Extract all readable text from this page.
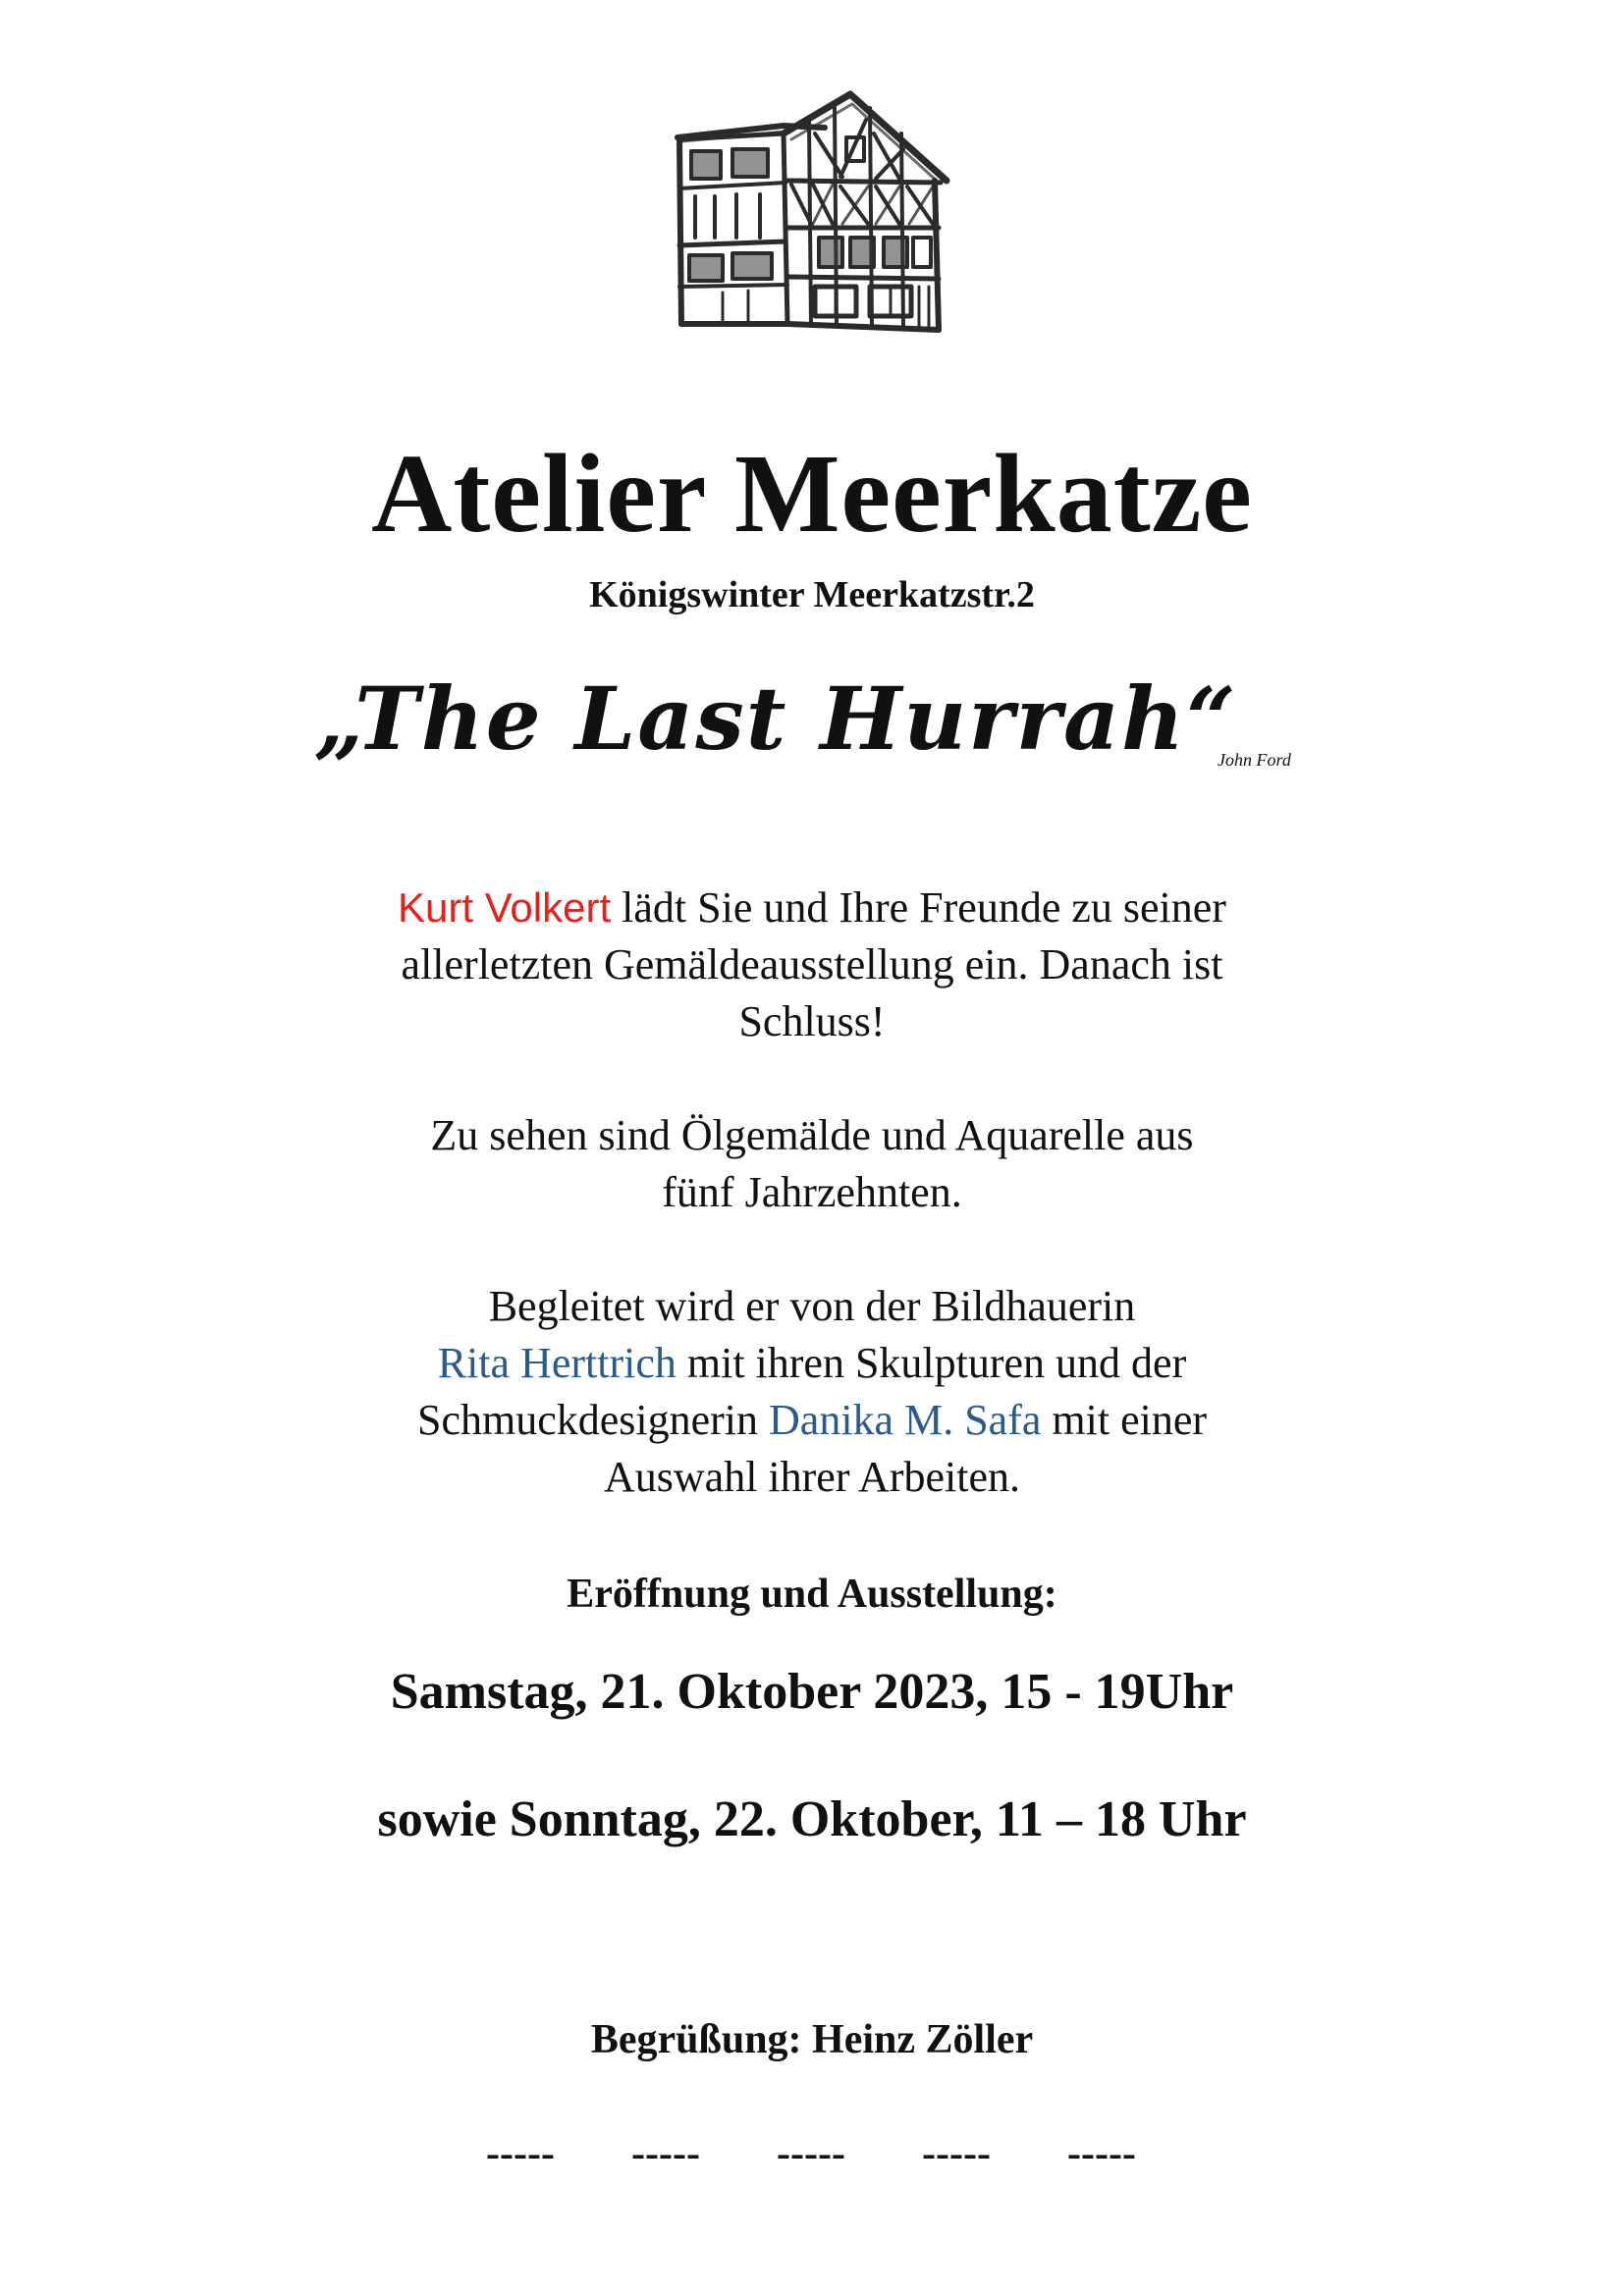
Atelier Meerkatze
Königswinter Meerkatzstr.2
„The Last Hurrah“
John Ford
Kurt Volkert lädt Sie und Ihre Freunde zu seiner
allerletzten Gemäldeausstellung ein. Danach ist
Schluss!
Zu sehen sind Ölgemälde und Aquarelle aus
fünf Jahrzehnten.
Begleitet wird er von der Bildhauerin
Rita Herttrich mit ihren Skulpturen und der
Schmuckdesignerin Danika M. Safa mit einer
Auswahl ihrer Arbeiten.
Eröffnung und Ausstellung:
Samstag, 21. Oktober 2023, 15 - 19Uhr
sowie Sonntag, 22. Oktober, 11 – 18 Uhr
Begrüßung: Heinz Zöller
----- ----- ----- ----- -----
